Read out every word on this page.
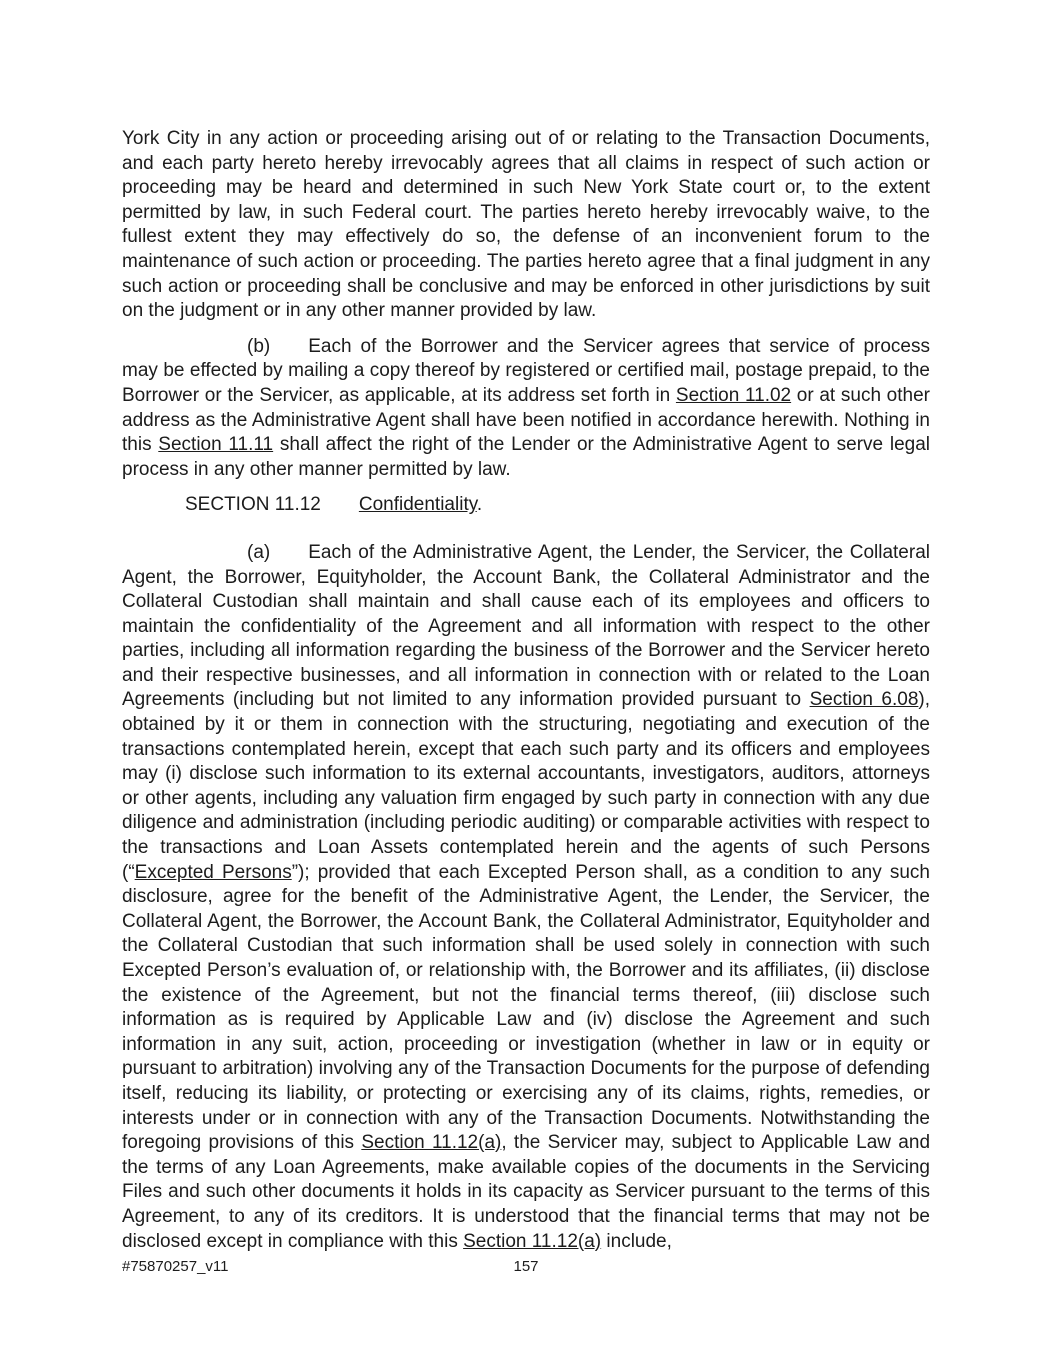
York City in any action or proceeding arising out of or relating to the Transaction Documents, and each party hereto hereby irrevocably agrees that all claims in respect of such action or proceeding may be heard and determined in such New York State court or, to the extent permitted by law, in such Federal court. The parties hereto hereby irrevocably waive, to the fullest extent they may effectively do so, the defense of an inconvenient forum to the maintenance of such action or proceeding. The parties hereto agree that a final judgment in any such action or proceeding shall be conclusive and may be enforced in other jurisdictions by suit on the judgment or in any other manner provided by law.

(b) Each of the Borrower and the Servicer agrees that service of process may be effected by mailing a copy thereof by registered or certified mail, postage prepaid, to the Borrower or the Servicer, as applicable, at its address set forth in Section 11.02 or at such other address as the Administrative Agent shall have been notified in accordance herewith. Nothing in this Section 11.11 shall affect the right of the Lender or the Administrative Agent to serve legal process in any other manner permitted by law.

SECTION 11.12 Confidentiality.

(a) Each of the Administrative Agent, the Lender, the Servicer, the Collateral Agent, the Borrower, Equityholder, the Account Bank, the Collateral Administrator and the Collateral Custodian shall maintain and shall cause each of its employees and officers to maintain the confidentiality of the Agreement and all information with respect to the other parties, including all information regarding the business of the Borrower and the Servicer hereto and their respective businesses, and all information in connection with or related to the Loan Agreements (including but not limited to any information provided pursuant to Section 6.08), obtained by it or them in connection with the structuring, negotiating and execution of the transactions contemplated herein, except that each such party and its officers and employees may (i) disclose such information to its external accountants, investigators, auditors, attorneys or other agents, including any valuation firm engaged by such party in connection with any due diligence and administration (including periodic auditing) or comparable activities with respect to the transactions and Loan Assets contemplated herein and the agents of such Persons (“Excepted Persons”); provided that each Excepted Person shall, as a condition to any such disclosure, agree for the benefit of the Administrative Agent, the Lender, the Servicer, the Collateral Agent, the Borrower, the Account Bank, the Collateral Administrator, Equityholder and the Collateral Custodian that such information shall be used solely in connection with such Excepted Person’s evaluation of, or relationship with, the Borrower and its affiliates, (ii) disclose the existence of the Agreement, but not the financial terms thereof, (iii) disclose such information as is required by Applicable Law and (iv) disclose the Agreement and such information in any suit, action, proceeding or investigation (whether in law or in equity or pursuant to arbitration) involving any of the Transaction Documents for the purpose of defending itself, reducing its liability, or protecting or exercising any of its claims, rights, remedies, or interests under or in connection with any of the Transaction Documents. Notwithstanding the foregoing provisions of this Section 11.12(a), the Servicer may, subject to Applicable Law and the terms of any Loan Agreements, make available copies of the documents in the Servicing Files and such other documents it holds in its capacity as Servicer pursuant to the terms of this Agreement, to any of its creditors. It is understood that the financial terms that may not be disclosed except in compliance with this Section 11.12(a) include,

#75870257_v11	157
